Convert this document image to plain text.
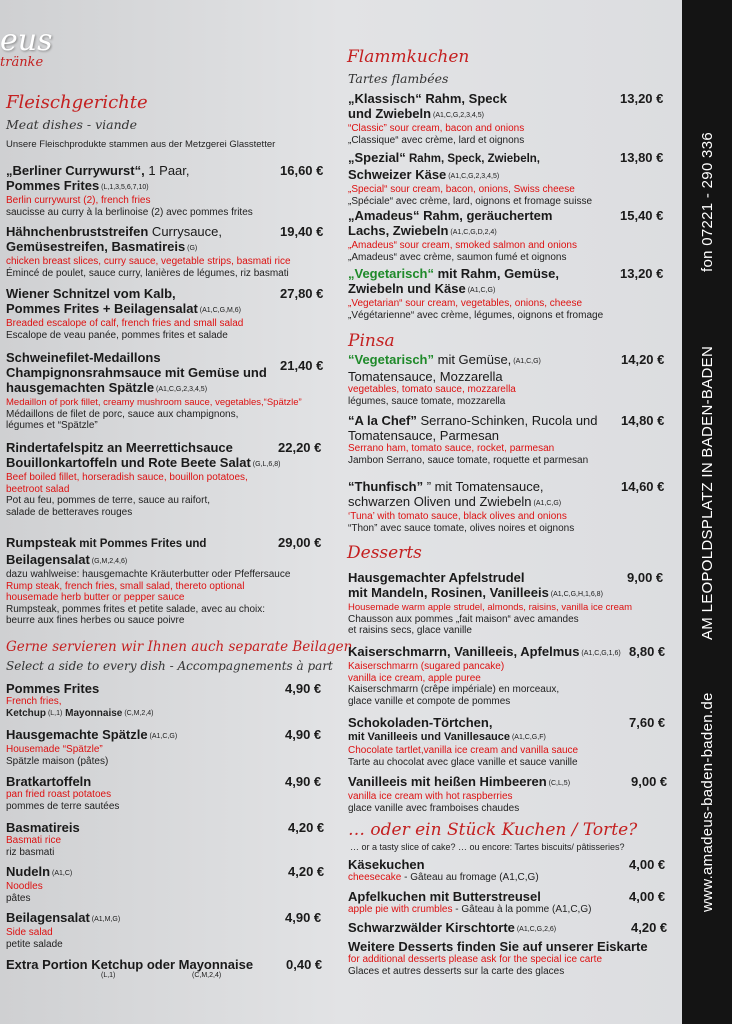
eus
tränke
fon 07221 - 290 336
AM LEOPOLDSPLATZ IN BADEN-BADEN
www.amadeus-baden-baden.de
Fleischgerichte
Meat dishes - viande
Unsere Fleischprodukte stammen aus der Metzgerei Glasstetter
„Berliner Currywurst“, 1 Paar,
Pommes Frites (L,1,3,5,6,7,10)
Berlin currywurst (2), french fries
saucisse au curry à la berlinoise (2) avec pommes frites
16,60 €
Hähnchenbruststreifen Currysauce,
Gemüsestreifen, Basmatireis (G)
chicken breast slices, curry sauce, vegetable strips, basmati rice
Émincé de poulet, sauce curry, lanières de légumes, riz basmati
19,40 €
Wiener Schnitzel vom Kalb,
Pommes Frites + Beilagensalat (A1,C,G,M,6)
Breaded escalope of calf, french fries and small salad
Escalope de veau panée, pommes frites et salade
27,80 €
Schweinefilet-Medaillons
Champignonsrahmsauce mit Gemüse und
hausgemachten Spätzle (A1,C,G,2,3,4,5)
Medaillon of pork fillet, creamy mushroom sauce, vegetables,“Spätzle”
Médaillons de filet de porc, sauce aux champignons,
légumes et “Spätzle”
21,40 €
Rindertafelspitz an Meerrettichsauce
Bouillonkartoffeln und Rote Beete Salat (G,L,6,8)
Beef boiled fillet, horseradish sauce, bouillon potatoes,
beetroot salad
Pot au feu, pommes de terre, sauce au raifort,
salade de betteraves rouges
22,20 €
Rumpsteak mit Pommes Frites und
Beilagensalat (G,M,2,4,6)
dazu wahlweise: hausgemachte Kräuterbutter oder Pfeffersauce
Rump steak, french fries, small salad, thereto optional
housemade herb butter or pepper sauce
Rumpsteak, pommes frites et petite salade, avec au choix:
beurre aux fines herbes ou sauce poivre
29,00 €
Gerne servieren wir Ihnen auch separate Beilagen
Select a side to every dish - Accompagnements à part
Pommes Frites
French fries,
Ketchup (L,1) Mayonnaise (C,M,2,4)
4,90 €
Hausgemachte Spätzle (A1,C,G)
Housemade “Spätzle”
Spätzle maison (pâtes)
4,90 €
Bratkartoffeln
pan fried roast potatoes
pommes de terre sautées
4,90 €
Basmatireis
Basmati rice
riz basmati
4,20 €
Nudeln (A1,C)
Noodles
pâtes
4,20 €
Beilagensalat (A1,M,G)
Side salad
petite salade
4,90 €
Extra Portion Ketchup oder Mayonnaise
(L,1)	(C,M,2,4)
0,40 €
Flammkuchen
Tartes flambées
„Klassisch“ Rahm, Speck
und Zwiebeln (A1,C,G,2,3,4,5)
“Classic” sour cream, bacon and onions
„Classique“ avec crème, lard et oignons
13,20 €
„Spezial“ Rahm, Speck, Zwiebeln,
Schweizer Käse (A1,C,G,2,3,4,5)
„Special“ sour cream, bacon, onions, Swiss cheese
„Spéciale“ avec crème, lard, oignons et fromage suisse
13,80 €
„Amadeus“ Rahm, geräuchertem
Lachs, Zwiebeln (A1,C,G,D,2,4)
„Amadeus“ sour cream, smoked salmon and onions
„Amadeus“ avec crème, saumon fumé et oignons
15,40 €
„Vegetarisch“ mit Rahm, Gemüse,
Zwiebeln und Käse (A1,C,G)
„Vegetarian“ sour cream, vegetables, onions, cheese
„Végétarienne“ avec crème, légumes, oignons et fromage
13,20 €
Pinsa
“Vegetarisch” mit Gemüse, (A1,C,G)
Tomatensauce, Mozzarella
vegetables, tomato sauce, mozzarella
légumes, sauce tomate, mozzarella
14,20 €
“A la Chef” Serrano-Schinken, Rucola und
Tomatensauce, Parmesan
Serrano ham, tomato sauce, rocket, parmesan
Jambon Serrano, sauce tomate, roquette et parmesan
14,80 €
“Thunfisch” ” mit Tomatensauce,
schwarzen Oliven und Zwiebeln (A1,C,G)
‘Tuna’ with tomato sauce, black olives and onions
“Thon” avec sauce tomate, olives noires et oignons
14,60 €
Desserts
Hausgemachter Apfelstrudel
mit Mandeln, Rosinen, Vanilleeis (A1,C,G,H,1,6,8)
Housemade warm apple strudel, almonds, raisins, vanilla ice cream
Chausson aux pommes „fait maison“ avec amandes
et raisins secs, glace vanille
9,00 €
Kaiserschmarrn, Vanilleeis, Apfelmus (A1,C,G,1,6)
Kaiserschmarrn (sugared pancake)
vanilla ice cream, apple puree
Kaiserschmarrn (crêpe impériale) en morceaux,
glace vanille et compote de pommes
8,80 €
Schokoladen-Törtchen,
mit Vanilleeis und Vanillesauce (A1,C,G,F)
Chocolate tartlet,vanilla ice cream and vanilla sauce
Tarte au chocolat avec glace vanille et sauce vanille
7,60 €
Vanilleeis mit heißen Himbeeren (C,L,5)
vanilla ice cream with hot raspberries
glace vanille avec framboises chaudes
9,00 €
… oder ein Stück Kuchen / Torte?
… or a tasty slice of cake? … ou encore: Tartes biscuits/ pâtisseries?
Käsekuchen
cheesecake - Gâteau au fromage (A1,C,G)
4,00 €
Apfelkuchen mit Butterstreusel
apple pie with crumbles - Gâteau à la pomme (A1,C,G)
4,00 €
Schwarzwälder Kirschtorte (A1,C,G,2,6)	4,20 €
Weitere Desserts finden Sie auf unserer Eiskarte
for additional desserts please ask for the special ice carte
Glaces et autres desserts sur la carte des glaces
